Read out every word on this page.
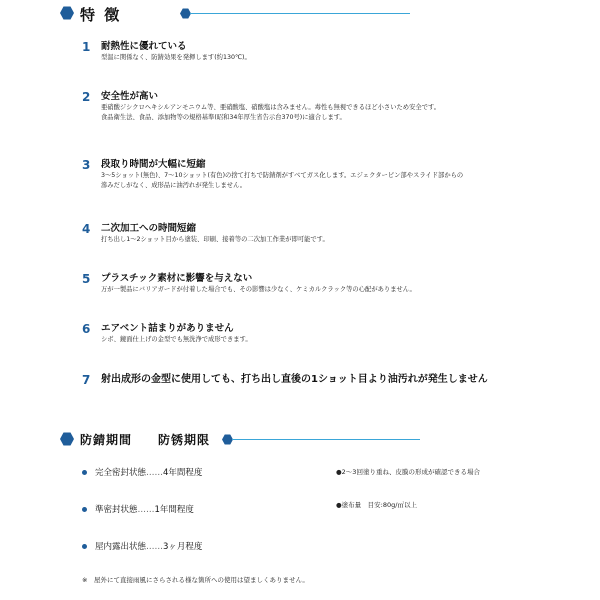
特 徴
1 耐熱性に優れている
型温に関係なく、防錆効果を発揮します(約130℃)。
2 安全性が高い
亜硝酸ジシクロヘキシルアンモニウム等、亜硝酸塩、硝酸塩は含みません。毒性も無視できるほど小さいため安全です。
食品衛生法、食品、添加物等の規格基準(昭和34年厚生省告示台370号)に適合します。
3 段取り時間が大幅に短縮
3～5ショット(無色)、7～10ショット(有色)の捨て打ちで防錆剤がすべてガス化します。エジェクターピン部やスライド部からの
滲みだしがなく、成形品に油汚れが発生しません。
4 二次加工への時間短縮
打ち出し1～2ショット目から塗装、印刷、接着等の二次加工作業が即可能です。
5 プラスチック素材に影響を与えない
万が一製品にバリアガードが付着した場合でも、その影響は少なく、ケミカルクラック等の心配がありません。
6 エアベント詰まりがありません
シボ、鏡面仕上げの金型でも無洗浄で成形できます。
7 射出成形の金型に使用しても、打ち出し直後の1ショット目より油汚れが発生しません
防錆期間 防锈期限
完全密封状態……4年間程度
準密封状態……1年間程度
屋内露出状態……3ヶ月程度
●2～3回塗り重ね、皮膜の形成が確認できる場合
●塗布量　目安:80g/㎡以上
※　屋外にて直接雨風にさらされる様な箇所への使用は望ましくありません。
